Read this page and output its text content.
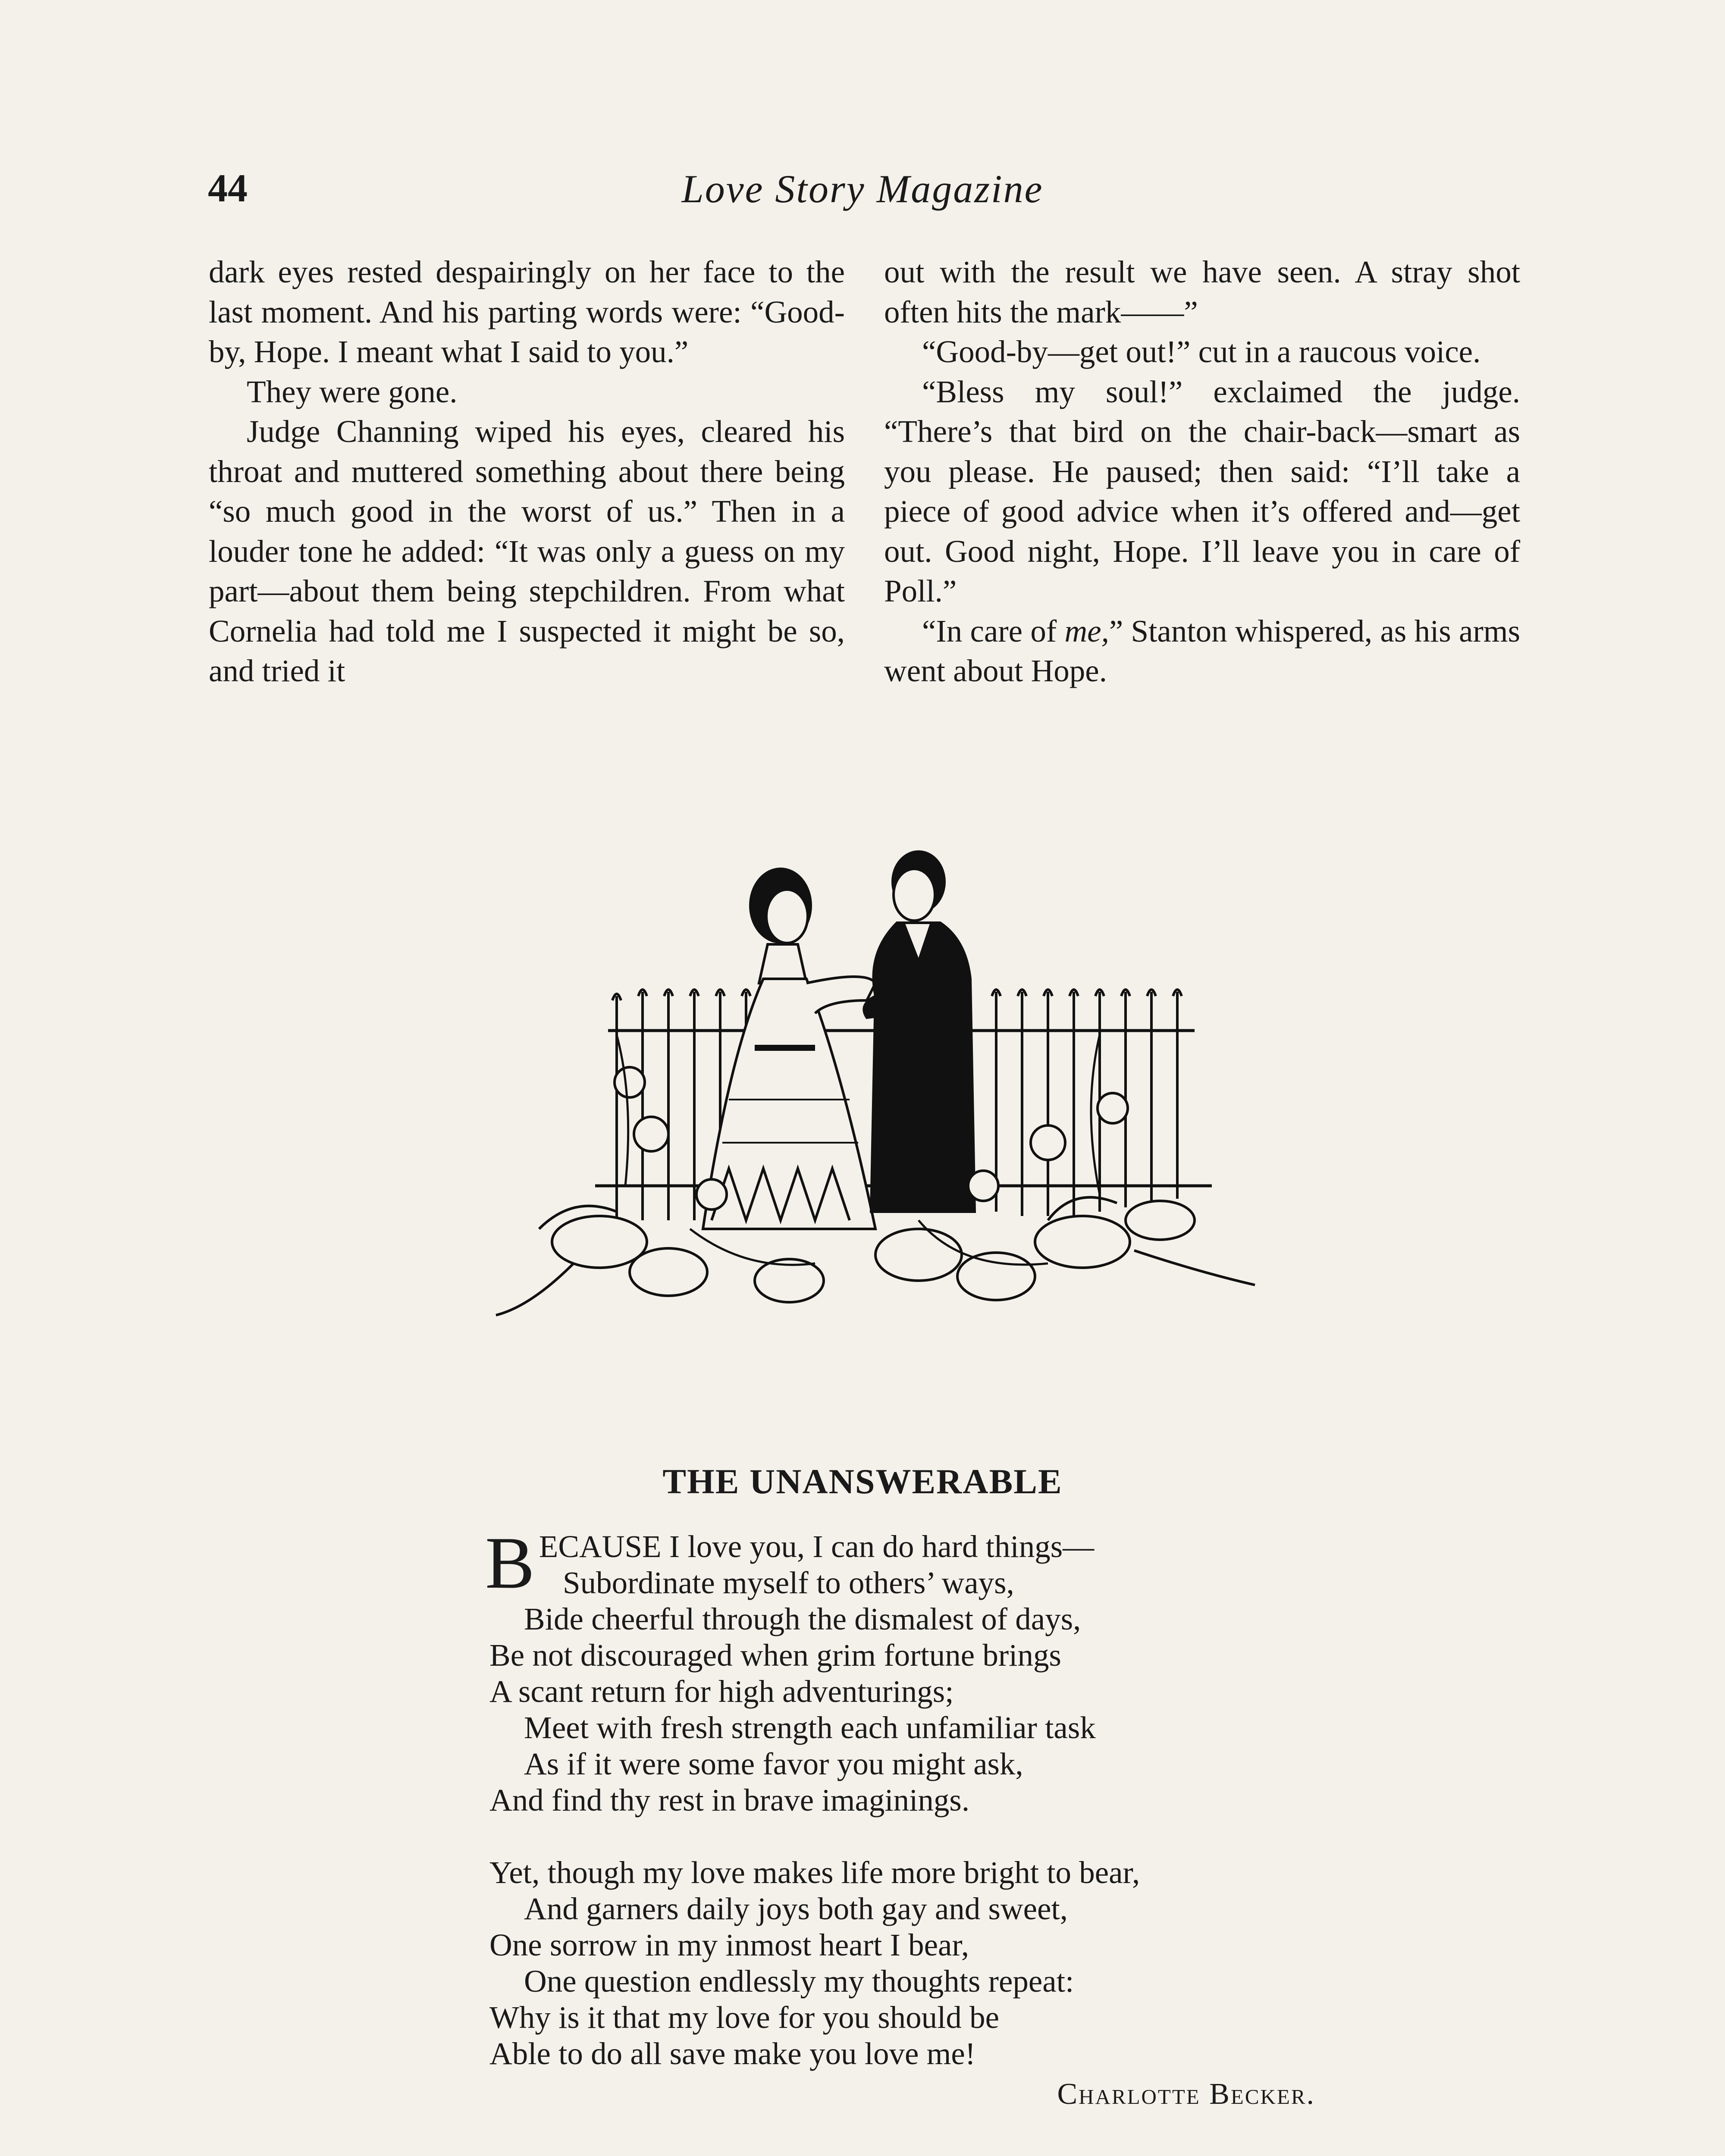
44	Love Story Magazine

dark eyes rested despairingly on her face to the last moment. And his parting words were: “Good-by, Hope. I meant what I said to you.”

They were gone.

Judge Channing wiped his eyes, cleared his throat and muttered something about there being “so much good in the worst of us.” Then in a louder tone he added: “It was only a guess on my part—about them being stepchildren. From what Cornelia had told me I suspected it might be so, and tried it

out with the result we have seen. A stray shot often hits the mark——”

“Good-by—get out!” cut in a raucous voice.

“Bless my soul!” exclaimed the judge. “There’s that bird on the chair-back—smart as you please. He paused; then said: “I’ll take a piece of good advice when it’s offered and—get out. Good night, Hope. I’ll leave you in care of Poll.”

“In care of me,” Stanton whispered, as his arms went about Hope.

THE UNANSWERABLE
B ECAUSE I love you, I can do hard things—
Subordinate myself to others’ ways,
Bide cheerful through the dismalest of days,
Be not discouraged when grim fortune brings
A scant return for high adventurings;
Meet with fresh strength each unfamiliar task
As if it were some favor you might ask,
And find thy rest in brave imaginings.
Yet, though my love makes life more bright to bear,
And garners daily joys both gay and sweet,
One sorrow in my inmost heart I bear,
One question endlessly my thoughts repeat:
Why is it that my love for you should be
Able to do all save make you love me!
Charlotte Becker.
